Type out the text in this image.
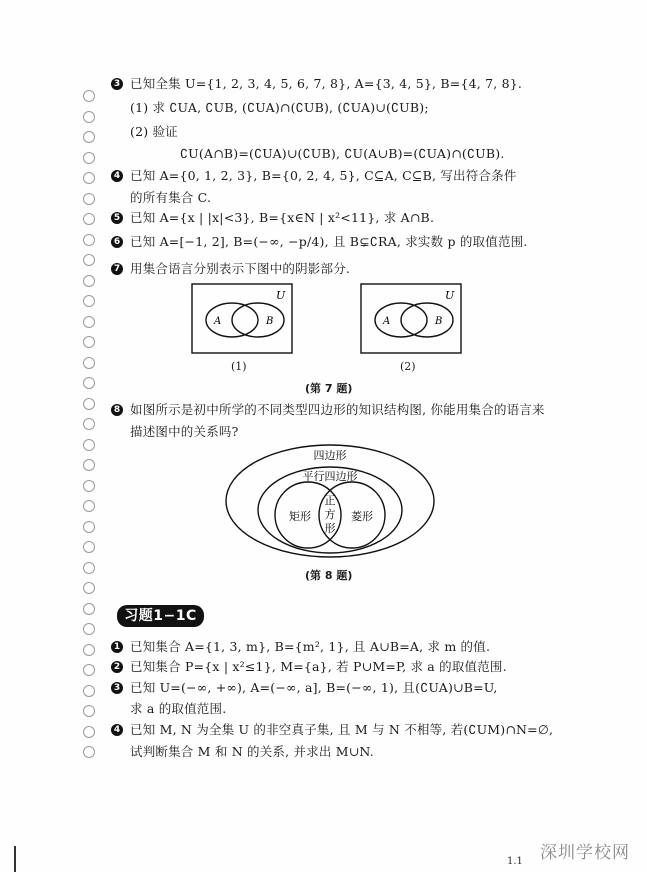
3 已知全集 U={1, 2, 3, 4, 5, 6, 7, 8}, A={3, 4, 5}, B={4, 7, 8}.
(1) 求 ∁UA, ∁UB, (∁UA)∩(∁UB), (∁UA)∪(∁UB);
(2) 验证
∁U(A∩B)=(∁UA)∪(∁UB), ∁U(A∪B)=(∁UA)∩(∁UB).
4 已知 A={0, 1, 2, 3}, B={0, 2, 4, 5}, C⊆A, C⊆B, 写出符合条件
的所有集合 C.
5 已知 A={x | |x|<3}, B={x∈N | x²<11}, 求 A∩B.
6 已知 A=[−1, 2], B=(−∞, −p/4), 且 B⊊∁RA, 求实数 p 的取值范围.
7 用集合语言分别表示下图中的阴影部分.
U
A	B
(1)
U
A	B
(2)
(第 7 题)
8 如图所示是初中所学的不同类型四边形的知识结构图, 你能用集合的语言来
描述图中的关系吗?
四边形
平行四边形
矩形	菱形
正
方
形
(第 8 题)
习题1−1C
1 已知集合 A={1, 3, m}, B={m², 1}, 且 A∪B=A, 求 m 的值.
2 已知集合 P={x | x²≤1}, M={a}, 若 P∪M=P, 求 a 的取值范围.
3 已知 U=(−∞, +∞), A=(−∞, a], B=(−∞, 1), 且(∁UA)∪B=U,
求 a 的取值范围.
4 已知 M, N 为全集 U 的非空真子集, 且 M 与 N 不相等, 若(∁UM)∩N=∅,
试判断集合 M 和 N 的关系, 并求出 M∪N.
深圳学校网
1.1
